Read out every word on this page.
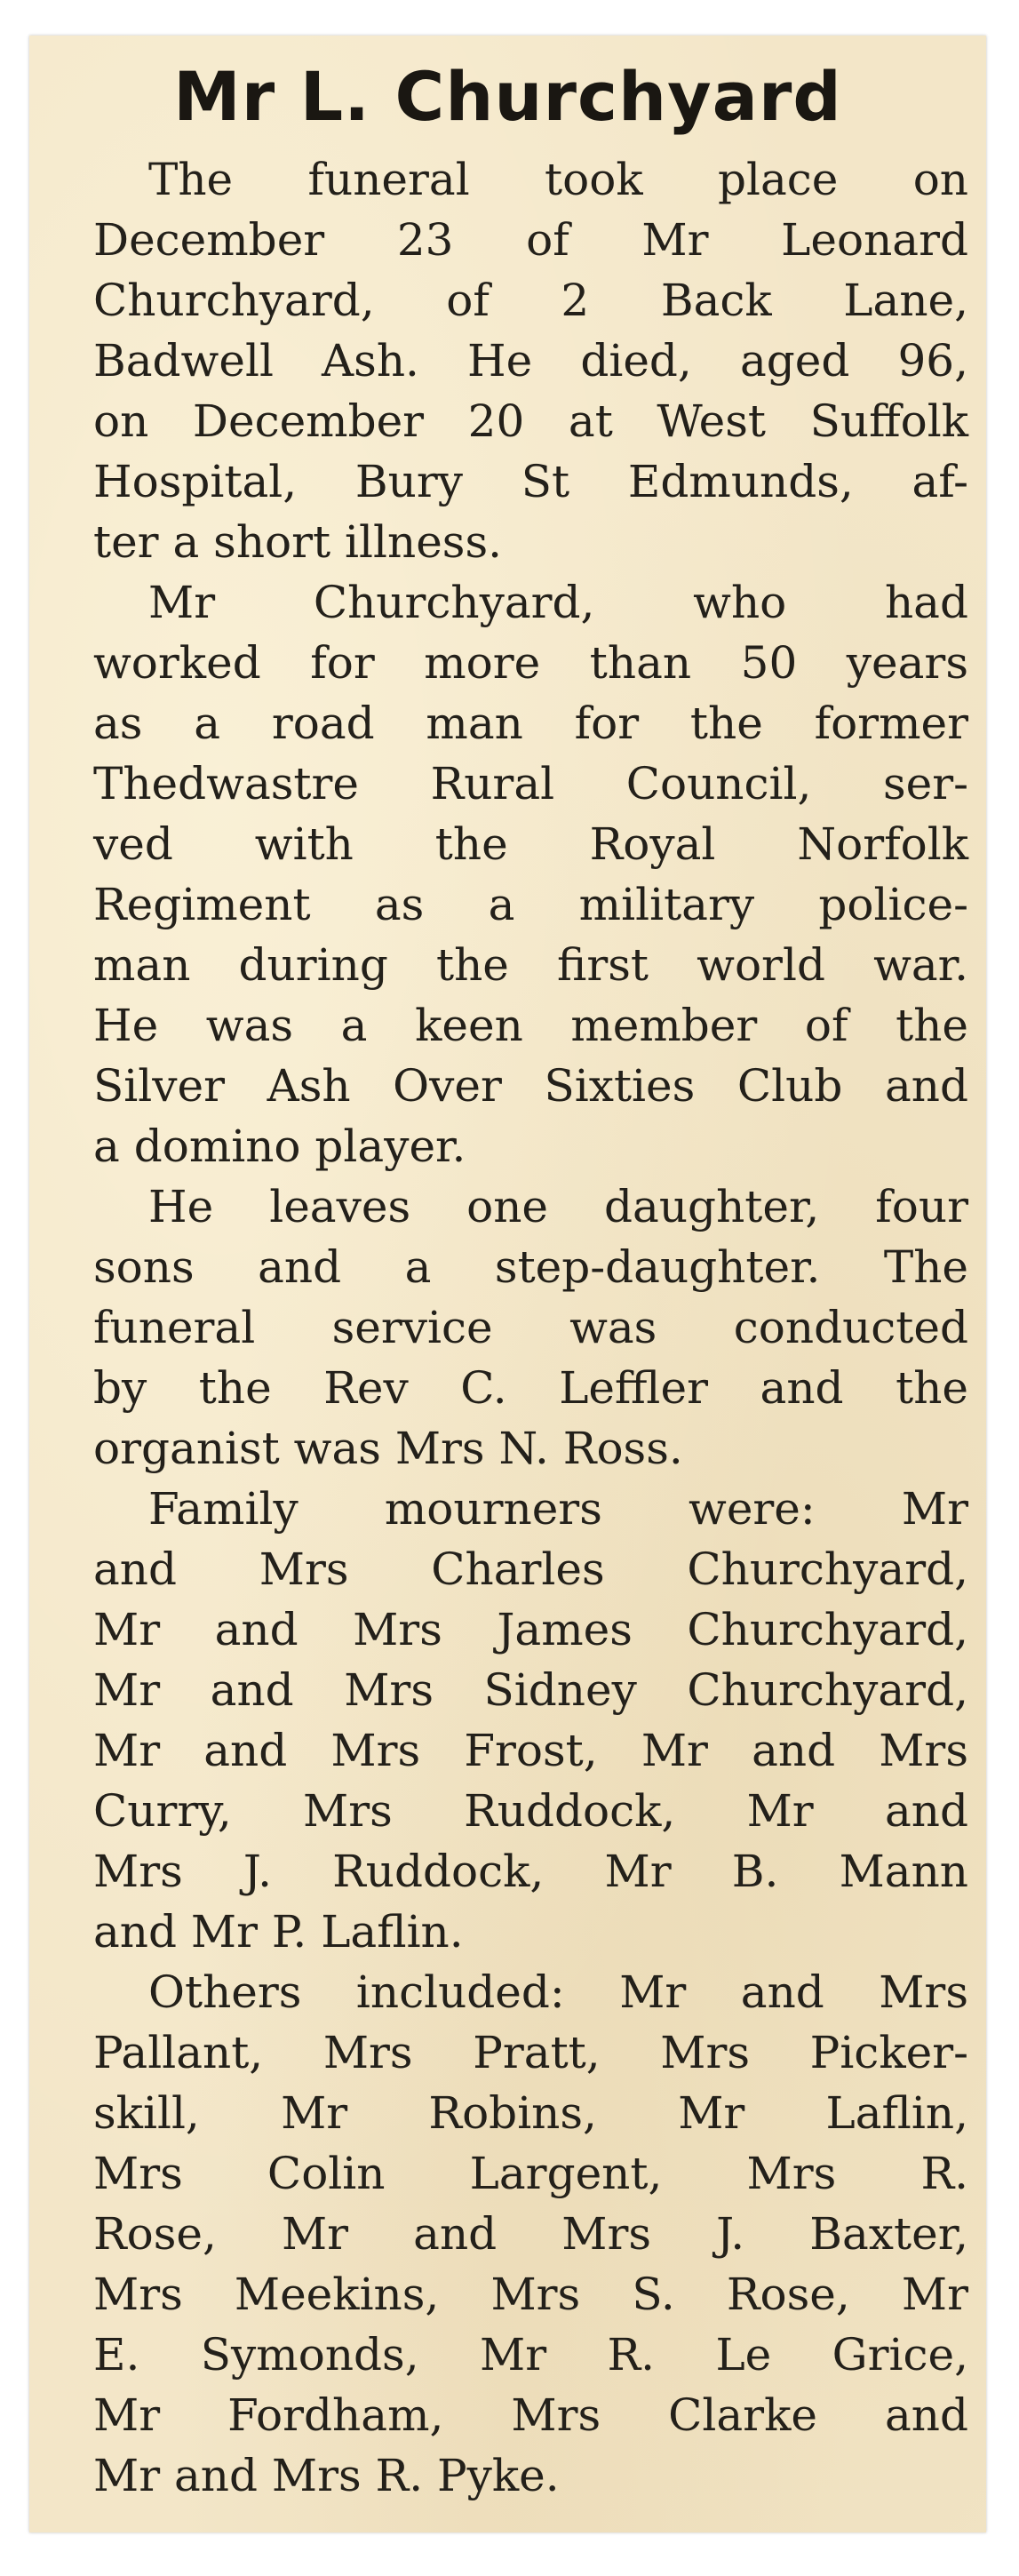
Mr L. Churchyard
The funeral took place on
December 23 of Mr Leonard
Churchyard, of 2 Back Lane,
Badwell Ash. He died, aged 96,
on December 20 at West Suffolk
Hospital, Bury St Edmunds, af-
ter a short illness.
Mr Churchyard, who had
worked for more than 50 years
as a road man for the former
Thedwastre Rural Council, ser-
ved with the Royal Norfolk
Regiment as a military police-
man during the first world war.
He was a keen member of the
Silver Ash Over Sixties Club and
a domino player.
He leaves one daughter, four
sons and a step-daughter. The
funeral service was conducted
by the Rev C. Leffler and the
organist was Mrs N. Ross.
Family mourners were: Mr
and Mrs Charles Churchyard,
Mr and Mrs James Churchyard,
Mr and Mrs Sidney Churchyard,
Mr and Mrs Frost, Mr and Mrs
Curry, Mrs Ruddock, Mr and
Mrs J. Ruddock, Mr B. Mann
and Mr P. Laflin.
Others included: Mr and Mrs
Pallant, Mrs Pratt, Mrs Picker-
skill, Mr Robins, Mr Laflin,
Mrs Colin Largent, Mrs R.
Rose, Mr and Mrs J. Baxter,
Mrs Meekins, Mrs S. Rose, Mr
E. Symonds, Mr R. Le Grice,
Mr Fordham, Mrs Clarke and
Mr and Mrs R. Pyke.
